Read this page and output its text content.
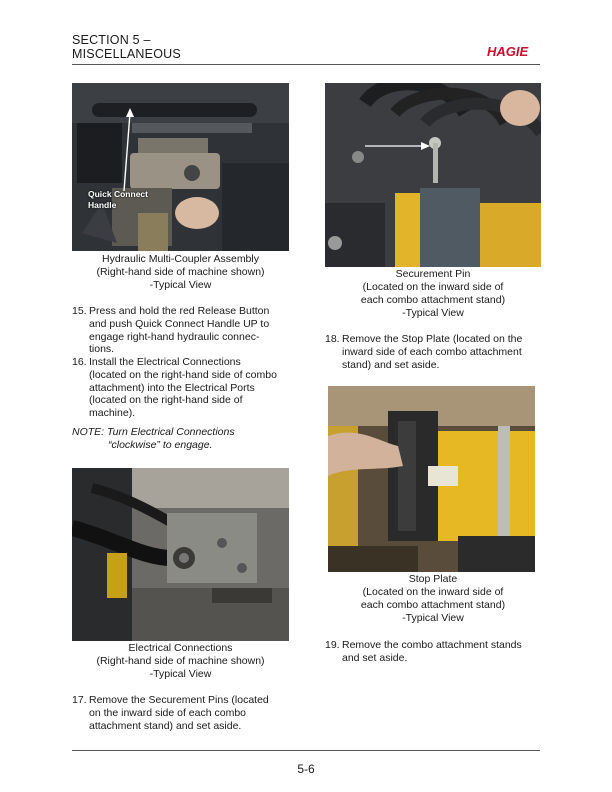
SECTION 5 –
MISCELLANEOUS	HAGIE
Quick Connect
Handle
Hydraulic Multi-Coupler Assembly
(Right-hand side of machine shown)
-Typical View
15. Press and hold the red Release Button
and push Quick Connect Handle UP to
engage right-hand hydraulic connec-
tions.
16. Install the Electrical Connections
(located on the right-hand side of combo
attachment) into the Electrical Ports
(located on the right-hand side of
machine).
NOTE: Turn Electrical Connections
“clockwise” to engage.
Electrical Connections
(Right-hand side of machine shown)
-Typical View
17. Remove the Securement Pins (located
on the inward side of each combo
attachment stand) and set aside.
Securement Pin
(Located on the inward side of
each combo attachment stand)
-Typical View
18. Remove the Stop Plate (located on the
inward side of each combo attachment
stand) and set aside.
Stop Plate
(Located on the inward side of
each combo attachment stand)
-Typical View
19. Remove the combo attachment stands
and set aside.
5-6
